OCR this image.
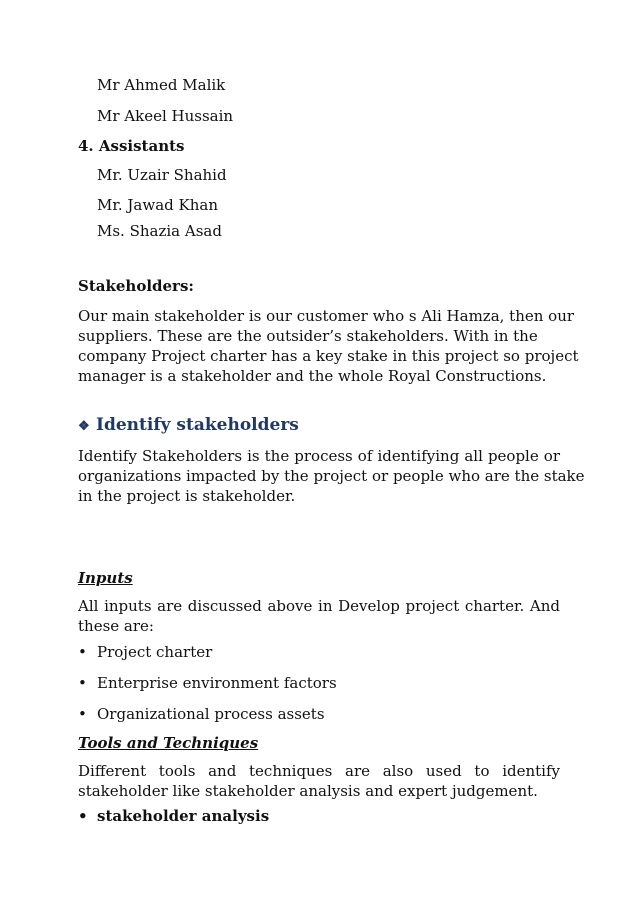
Mr Ahmed Malik

Mr Akeel Hussain

4. Assistants

Mr. Uzair Shahid

Mr. Jawad Khan

Ms. Shazia Asad

Stakeholders:

Our main stakeholder is our customer who s Ali Hamza, then our
suppliers. These are the outsider’s stakeholders. With in the
company Project charter has a key stake in this project so project
manager is a stakeholder and the whole Royal Constructions.
❖ Identify stakeholders
Identify Stakeholders is the process of identifying all people or
organizations impacted by the project or people who are the stake
in the project is stakeholder.

Inputs

All inputs are discussed above in Develop project charter. And
these are:
• Project charter
• Enterprise environment factors
• Organizational process assets

Tools and Techniques

Different tools and techniques are also used to identify
stakeholder like stakeholder analysis and expert judgement.
• stakeholder analysis
